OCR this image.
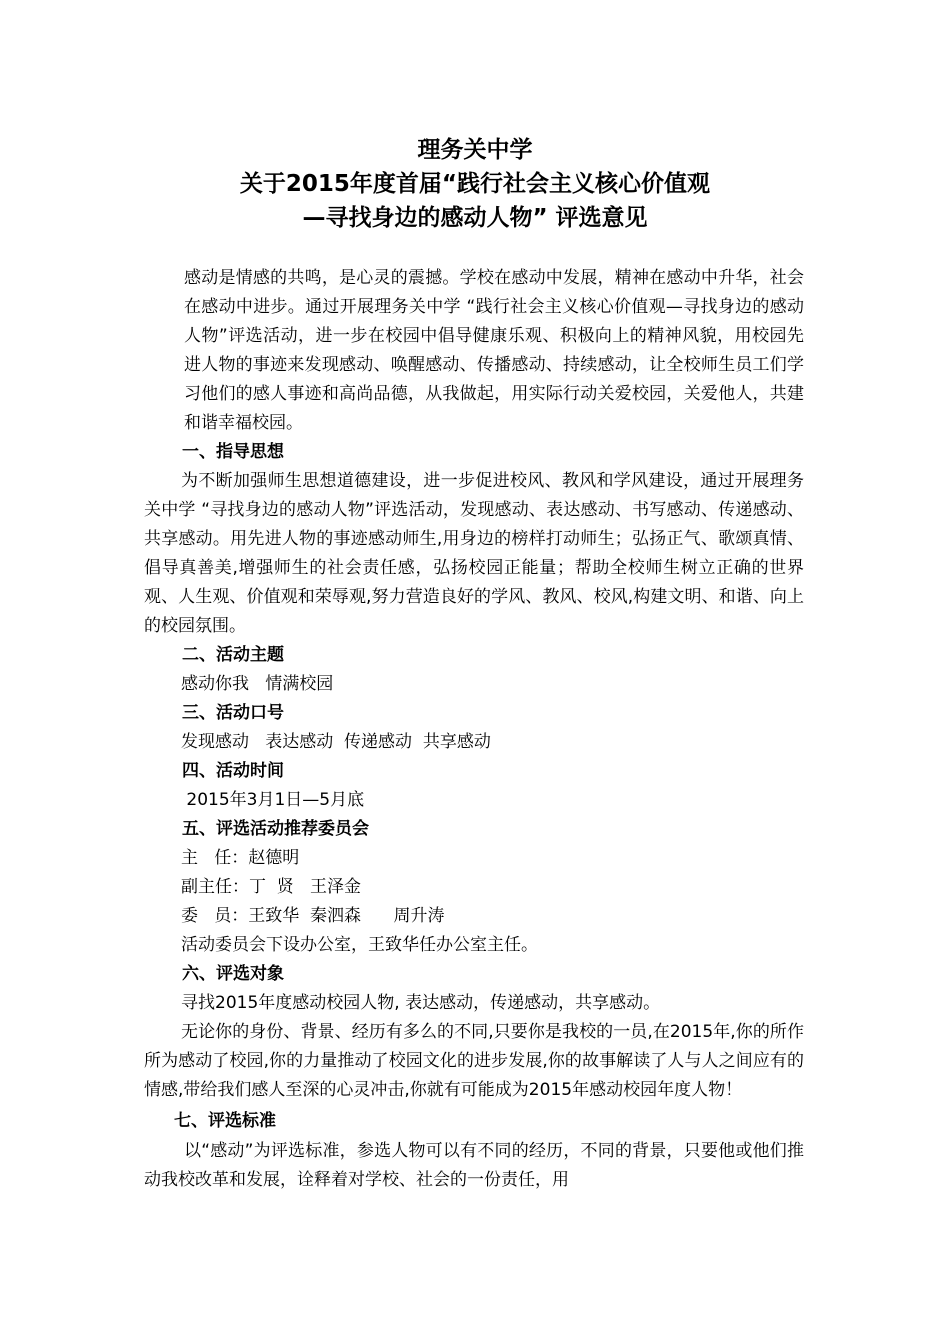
理务关中学
关于2015年度首届“践行社会主义核心价值观
—寻找身边的感动人物” 评选意见

感动是情感的共鸣，是心灵的震撼。学校在感动中发展，精神在感动中升华，社会在感动中进步。通过开展理务关中学 “践行社会主义核心价值观—寻找身边的感动人物”评选活动，进一步在校园中倡导健康乐观、积极向上的精神风貌，用校园先进人物的事迹来发现感动、唤醒感动、传播感动、持续感动，让全校师生员工们学习他们的感人事迹和高尚品德，从我做起，用实际行动关爱校园，关爱他人，共建和谐幸福校园。

一、指导思想

为不断加强师生思想道德建设，进一步促进校风、教风和学风建设，通过开展理务关中学 “寻找身边的感动人物”评选活动，发现感动、表达感动、书写感动、传递感动、共享感动。用先进人物的事迹感动师生,用身边的榜样打动师生；弘扬正气、歌颂真情、倡导真善美,增强师生的社会责任感，弘扬校园正能量；帮助全校师生树立正确的世界观、人生观、价值观和荣辱观,努力营造良好的学风、教风、校风,构建文明、和谐、向上的校园氛围。

二、活动主题
感动你我   情满校园
三、活动口号
发现感动   表达感动  传递感动  共享感动
四、活动时间
2015年3月1日—5月底
五、评选活动推荐委员会
主   任：赵德明
副主任：丁  贤   王泽金
委   员：王致华  秦泗森      周升涛
活动委员会下设办公室，王致华任办公室主任。
六、评选对象
寻找2015年度感动校园人物, 表达感动，传递感动，共享感动。

无论你的身份、背景、经历有多么的不同,只要你是我校的一员,在2015年,你的所作所为感动了校园,你的力量推动了校园文化的进步发展,你的故事解读了人与人之间应有的情感,带给我们感人至深的心灵冲击,你就有可能成为2015年感动校园年度人物！

七、评选标准

以“感动”为评选标准，参选人物可以有不同的经历，不同的背景，只要他或他们推动我校改革和发展，诠释着对学校、社会的一份责任，用
